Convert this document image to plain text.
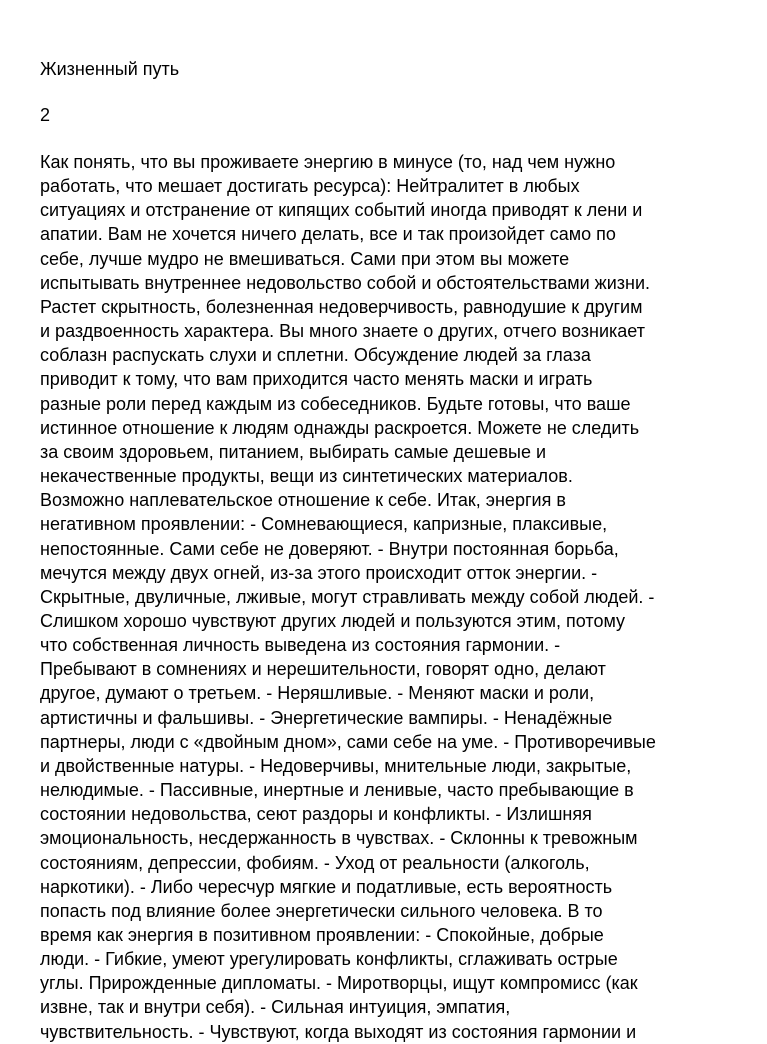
Жизненный путь
2
Как понять, что вы проживаете энергию в минусе (то, над чем нужно
работать, что мешает достигать ресурса): Нейтралитет в любых
ситуациях и отстранение от кипящих событий иногда приводят к лени и
апатии. Вам не хочется ничего делать, все и так произойдет само по
себе, лучше мудро не вмешиваться. Сами при этом вы можете
испытывать внутреннее недовольство собой и обстоятельствами жизни.
Растет скрытность, болезненная недоверчивость, равнодушие к другим
и раздвоенность характера. Вы много знаете о других, отчего возникает
соблазн распускать слухи и сплетни. Обсуждение людей за глаза
приводит к тому, что вам приходится часто менять маски и играть
разные роли перед каждым из собеседников. Будьте готовы, что ваше
истинное отношение к людям однажды раскроется. Можете не следить
за своим здоровьем, питанием, выбирать самые дешевые и
некачественные продукты, вещи из синтетических материалов.
Возможно наплевательское отношение к себе. Итак, энергия в
негативном проявлении: - Сомневающиеся, капризные, плаксивые,
непостоянные. Сами себе не доверяют. - Внутри постоянная борьба,
мечутся между двух огней, из-за этого происходит отток энергии. -
Скрытные, двуличные, лживые, могут стравливать между собой людей. -
Слишком хорошо чувствуют других людей и пользуются этим, потому
что собственная личность выведена из состояния гармонии. -
Пребывают в сомнениях и нерешительности, говорят одно, делают
другое, думают о третьем. - Неряшливые. - Меняют маски и роли,
артистичны и фальшивы. - Энергетические вампиры. - Ненадёжные
партнеры, люди с «двойным дном», сами себе на уме. - Противоречивые
и двойственные натуры. - Недоверчивы, мнительные люди, закрытые,
нелюдимые. - Пассивные, инертные и ленивые, часто пребывающие в
состоянии недовольства, сеют раздоры и конфликты. - Излишняя
эмоциональность, несдержанность в чувствах. - Склонны к тревожным
состояниям, депрессии, фобиям. - Уход от реальности (алкоголь,
наркотики). - Либо чересчур мягкие и податливые, есть вероятность
попасть под влияние более энергетически сильного человека. В то
время как энергия в позитивном проявлении: - Спокойные, добрые
люди. - Гибкие, умеют урегулировать конфликты, сглаживать острые
углы. Прирожденные дипломаты. - Миротворцы, ищут компромисс (как
извне, так и внутри себя). - Сильная интуиция, эмпатия,
чувствительность. - Чувствуют, когда выходят из состояния гармонии и
